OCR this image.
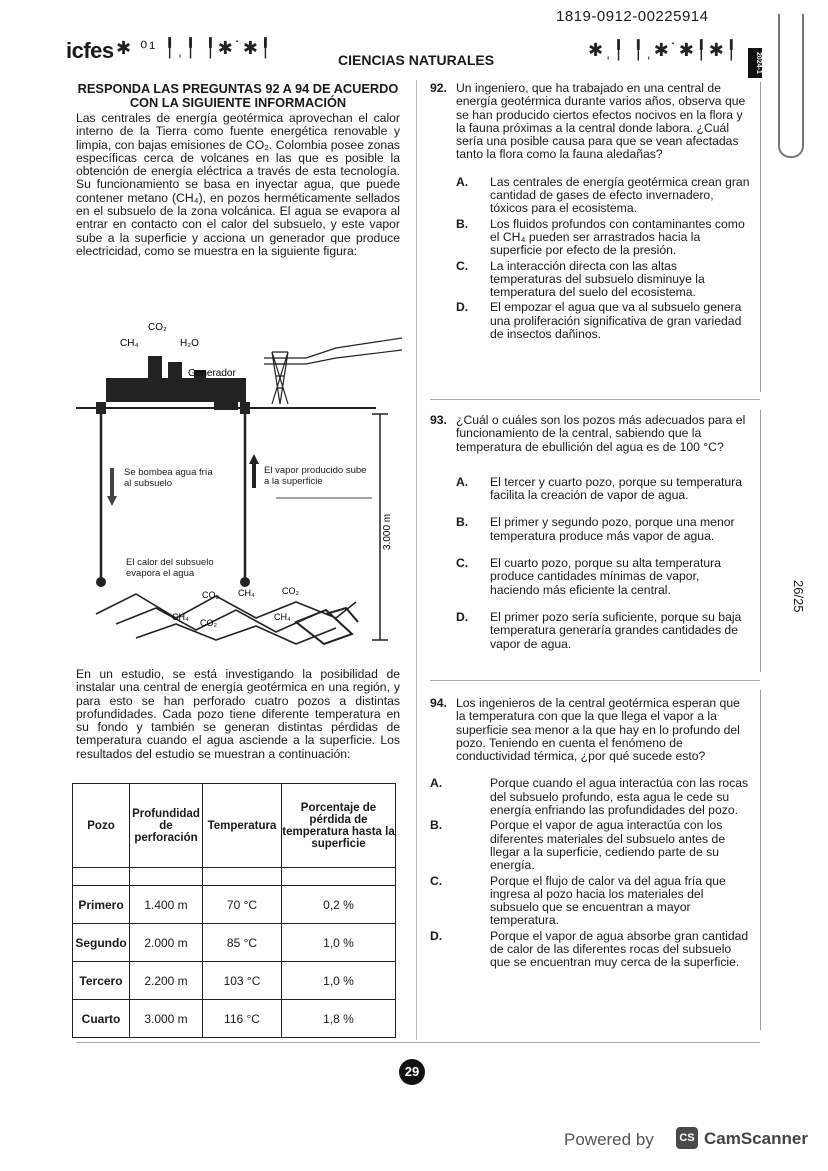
1819-0912-00225914
icfes ✱ ⁰¹ ╿ˌ╿ ╿✱˙✱╿
CIENCIAS NATURALES	✱ˌ╿ ╿ˌ✱˙✱╿✱╿
2024-1
RESPONDA LAS PREGUNTAS 92 A 94 DE ACUERDO CON LA SIGUIENTE INFORMACIÓN
Las centrales de energía geotérmica aprovechan el calor interno de la Tierra como fuente energética renovable y limpia, con bajas emisiones de CO₂. Colombia posee zonas específicas cerca de volcanes en las que es posible la obtención de energía eléctrica a través de esta tecnología. Su funcionamiento se basa en inyectar agua, que puede contener metano (CH₄), en pozos herméticamente sellados en el subsuelo de la zona volcánica. El agua se evapora al entrar en contacto con el calor del subsuelo, y este vapor sube a la superficie y acciona un generador que produce electricidad, como se muestra en la siguiente figura:
CO₂
CH₄	H₂O
Generador
Se bombea agua fría al subsuelo
El vapor producido sube a la superficie
El calor del subsuelo evapora el agua
3.000 m
CO₂ CH₄	CO₂
CH₄
CO₂
CH₄
En un estudio, se está investigando la posibilidad de instalar una central de energía geotérmica en una región, y para esto se han perforado cuatro pozos a distintas profundidades. Cada pozo tiene diferente temperatura en su fondo y también se generan distintas pérdidas de temperatura cuando el agua asciende a la superficie. Los resultados del estudio se muestran a continuación:
Pozo	Profundidad de perforación	Temperatura	Porcentaje de pérdida de temperatura hasta la superficie

Primero	1.400 m	70 °C	0,2 %
Segundo	2.000 m	85 °C	1,0 %
Tercero	2.200 m	103 °C	1,0 %
Cuarto	3.000 m	116 °C	1,8 %
92. Un ingeniero, que ha trabajado en una central de energía geotérmica durante varios años, observa que se han producido ciertos efectos nocivos en la flora y la fauna próximas a la central donde labora. ¿Cuál sería una posible causa para que se vean afectadas tanto la flora como la fauna aledañas?
A.	Las centrales de energía geotérmica crean gran cantidad de gases de efecto invernadero, tóxicos para el ecosistema.
B.	Los fluidos profundos con contaminantes como el CH₄ pueden ser arrastrados hacia la superficie por efecto de la presión.
C.	La interacción directa con las altas temperaturas del subsuelo disminuye la temperatura del suelo del ecosistema.
D.	El empozar el agua que va al subsuelo genera una proliferación significativa de gran variedad de insectos dañinos.
93. ¿Cuál o cuáles son los pozos más adecuados para el funcionamiento de la central, sabiendo que la temperatura de ebullición del agua es de 100 °C?
A.	El tercer y cuarto pozo, porque su temperatura facilita la creación de vapor de agua.
B.	El primer y segundo pozo, porque una menor temperatura produce más vapor de agua.
C.	El cuarto pozo, porque su alta temperatura produce cantidades mínimas de vapor, haciendo más eficiente la central.
D.	El primer pozo sería suficiente, porque su baja temperatura generaría grandes cantidades de vapor de agua.
94. Los ingenieros de la central geotérmica esperan que la temperatura con que la que llega el vapor a la superficie sea menor a la que hay en lo profundo del pozo. Teniendo en cuenta el fenómeno de conductividad térmica, ¿por qué sucede esto?
A.	Porque cuando el agua interactúa con las rocas del subsuelo profundo, esta agua le cede su energía enfriando las profundidades del pozo.
B.	Porque el vapor de agua interactúa con los diferentes materiales del subsuelo antes de llegar a la superficie, cediendo parte de su energía.
C.	Porque el flujo de calor va del agua fría que ingresa al pozo hacia los materiales del subsuelo que se encuentran a mayor temperatura.
D.	Porque el vapor de agua absorbe gran cantidad de calor de las diferentes rocas del subsuelo que se encuentran muy cerca de la superficie.
26/25
29
Powered by	CS CamScanner
